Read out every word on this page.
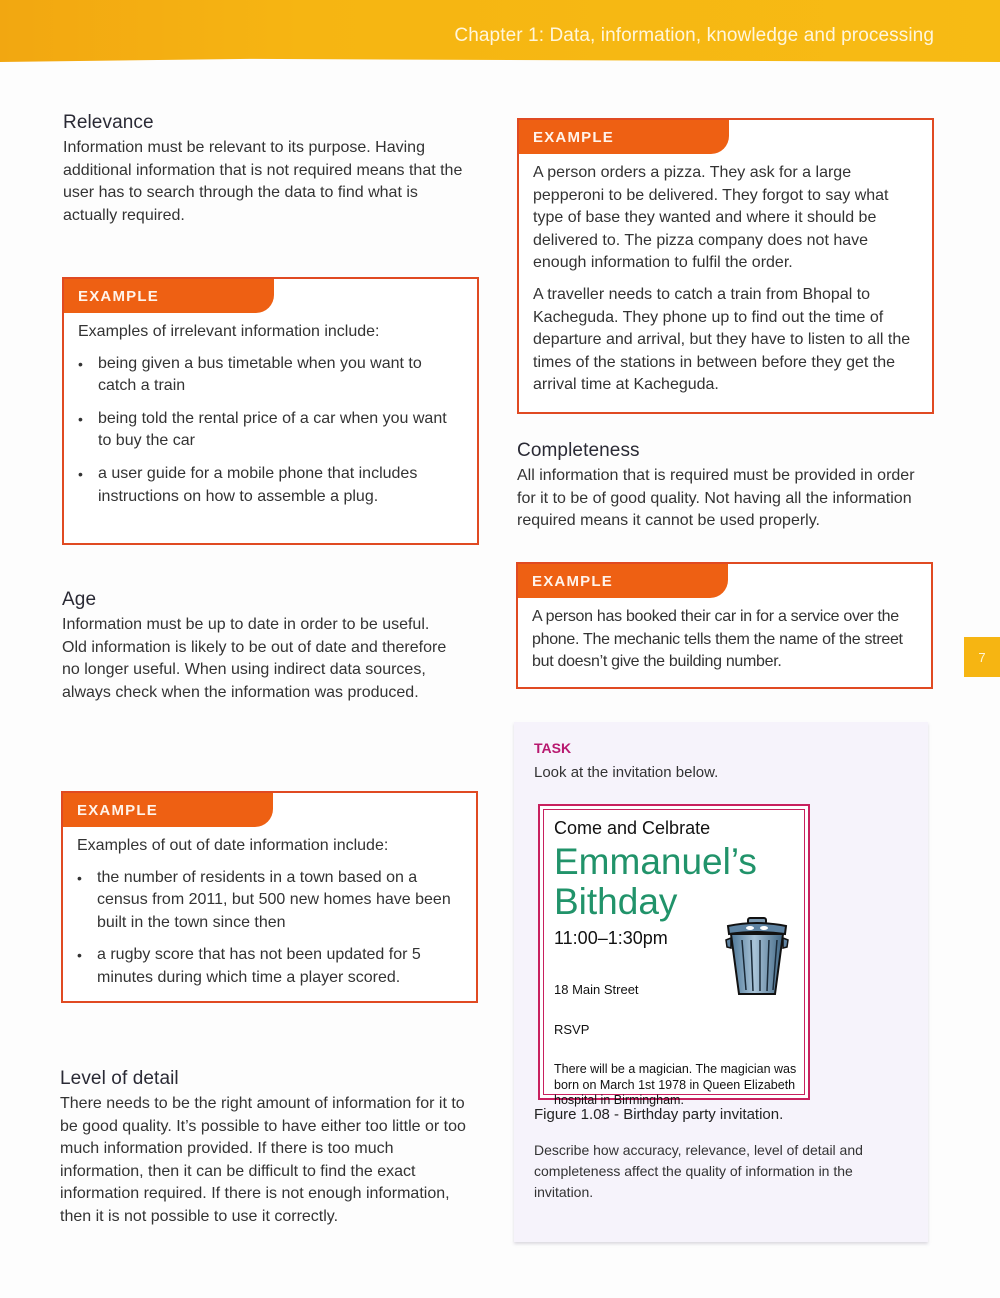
Chapter 1: Data, information, knowledge and processing
7
Relevance

Information must be relevant to its purpose. Having additional information that is not required means that the user has to search through the data to find what is actually required.

EXAMPLE

Examples of irrelevant information include:

• being given a bus timetable when you want to catch a train
• being told the rental price of a car when you want to buy the car
• a user guide for a mobile phone that includes instructions on how to assemble a plug.
Age

Information must be up to date in order to be useful. Old information is likely to be out of date and therefore no longer useful. When using indirect data sources, always check when the information was produced.

EXAMPLE

Examples of out of date information include:

• the number of residents in a town based on a census from 2011, but 500 new homes have been built in the town since then
• a rugby score that has not been updated for 5 minutes during which time a player scored.
Level of detail

There needs to be the right amount of information for it to be good quality. It’s possible to have either too little or too much information provided. If there is too much information, then it can be difficult to find the exact information required. If there is not enough information, then it is not possible to use it correctly.

EXAMPLE

A person orders a pizza. They ask for a large pepperoni to be delivered. They forgot to say what type of base they wanted and where it should be delivered to. The pizza company does not have enough information to fulfil the order.

A traveller needs to catch a train from Bhopal to Kacheguda. They phone up to find out the time of departure and arrival, but they have to listen to all the times of the stations in between before they get the arrival time at Kacheguda.

Completeness

All information that is required must be provided in order for it to be of good quality. Not having all the information required means it cannot be used properly.

EXAMPLE

A person has booked their car in for a service over the phone. The mechanic tells them the name of the street but doesn’t give the building number.

TASK
Look at the invitation below.
Come and Celbrate
Emmanuel’s
Bithday
11:00–1:30pm
18 Main Street
RSVP
There will be a magician. The magician was born on March 1st 1978 in Queen Elizabeth hospital in Birmingham.
Figure 1.08 - Birthday party invitation.
Describe how accuracy, relevance, level of detail and completeness affect the quality of information in the invitation.
